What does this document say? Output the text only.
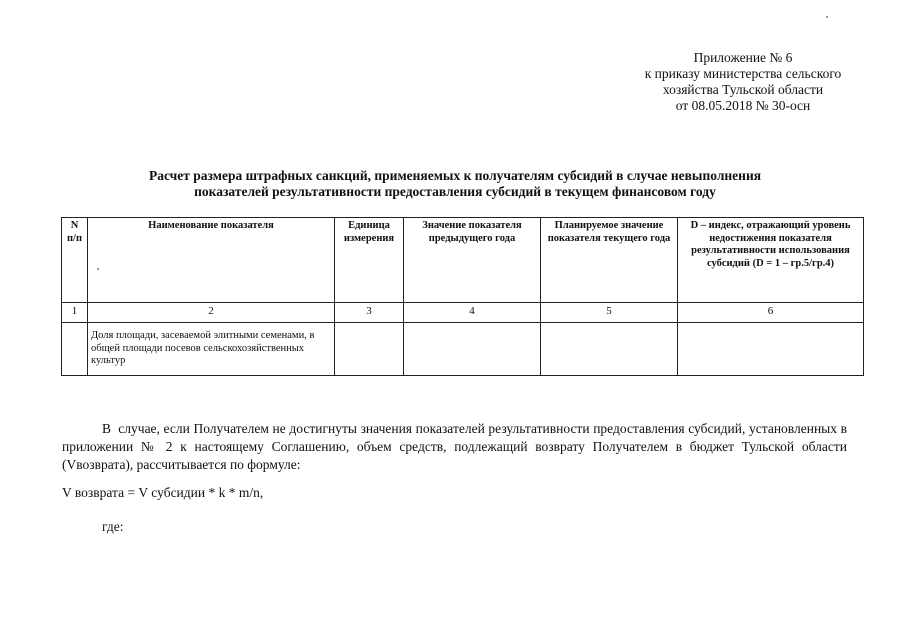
Приложение № 6
к приказу министерства сельского
хозяйства Тульской области
от 08.05.2018 № 30-осн
Расчет размера штрафных санкций, применяемых к получателям субсидий в случае невыполнения
показателей результативности предоставления субсидий в текущем финансовом году
N п/п	Наименование показателя	Единица измерения	Значение показателя предыдущего года	Планируемое значение показателя текущего года	D – индекс, отражающий уровень недостижения показателя результативности использования субсидий (D = 1 – гр.5/гр.4)
1	2	3	4	5	6
	Доля площади, засеваемой элитными семенами, в общей площади посевов сельскохозяйственных культур				
В случае, если Получателем не достигнуты значения показателей результативности предоставления субсидий, установленных в приложении № 2 к настоящему Соглашению, объем средств, подлежащий возврату Получателем в бюджет Тульской области (Vвозврата), рассчитывается по формуле:
V возврата = V субсидии * k * m/n,
где:
